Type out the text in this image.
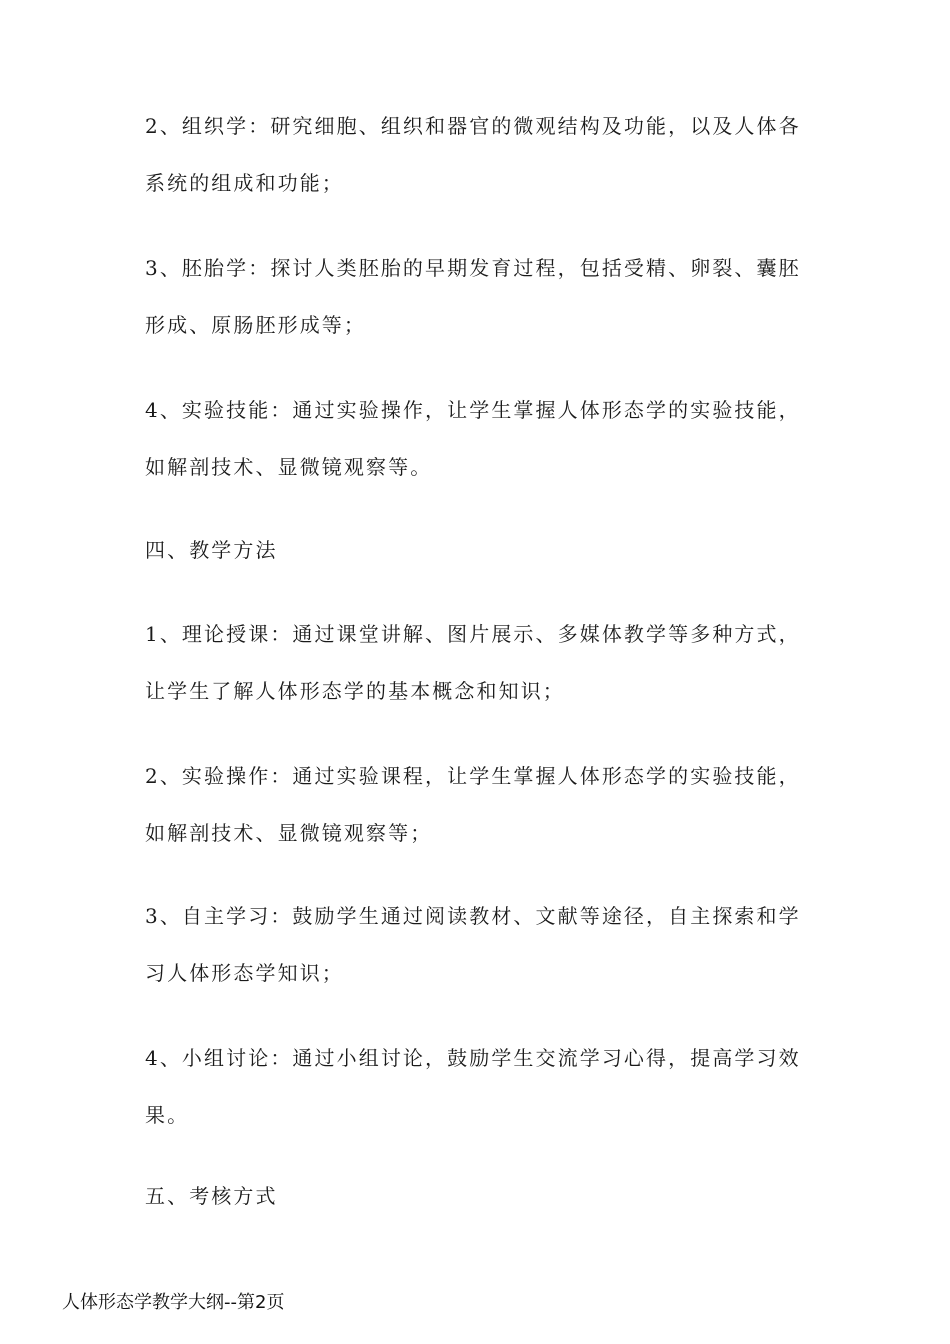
2、组织学：研究细胞、组织和器官的微观结构及功能，以及人体各系统的组成和功能；

3、胚胎学：探讨人类胚胎的早期发育过程，包括受精、卵裂、囊胚形成、原肠胚形成等；

4、实验技能：通过实验操作，让学生掌握人体形态学的实验技能，如解剖技术、显微镜观察等。

四、教学方法

1、理论授课：通过课堂讲解、图片展示、多媒体教学等多种方式，让学生了解人体形态学的基本概念和知识；

2、实验操作：通过实验课程，让学生掌握人体形态学的实验技能，如解剖技术、显微镜观察等；

3、自主学习：鼓励学生通过阅读教材、文献等途径，自主探索和学习人体形态学知识；

4、小组讨论：通过小组讨论，鼓励学生交流学习心得，提高学习效果。

五、考核方式
人体形态学教学大纲--第2页
